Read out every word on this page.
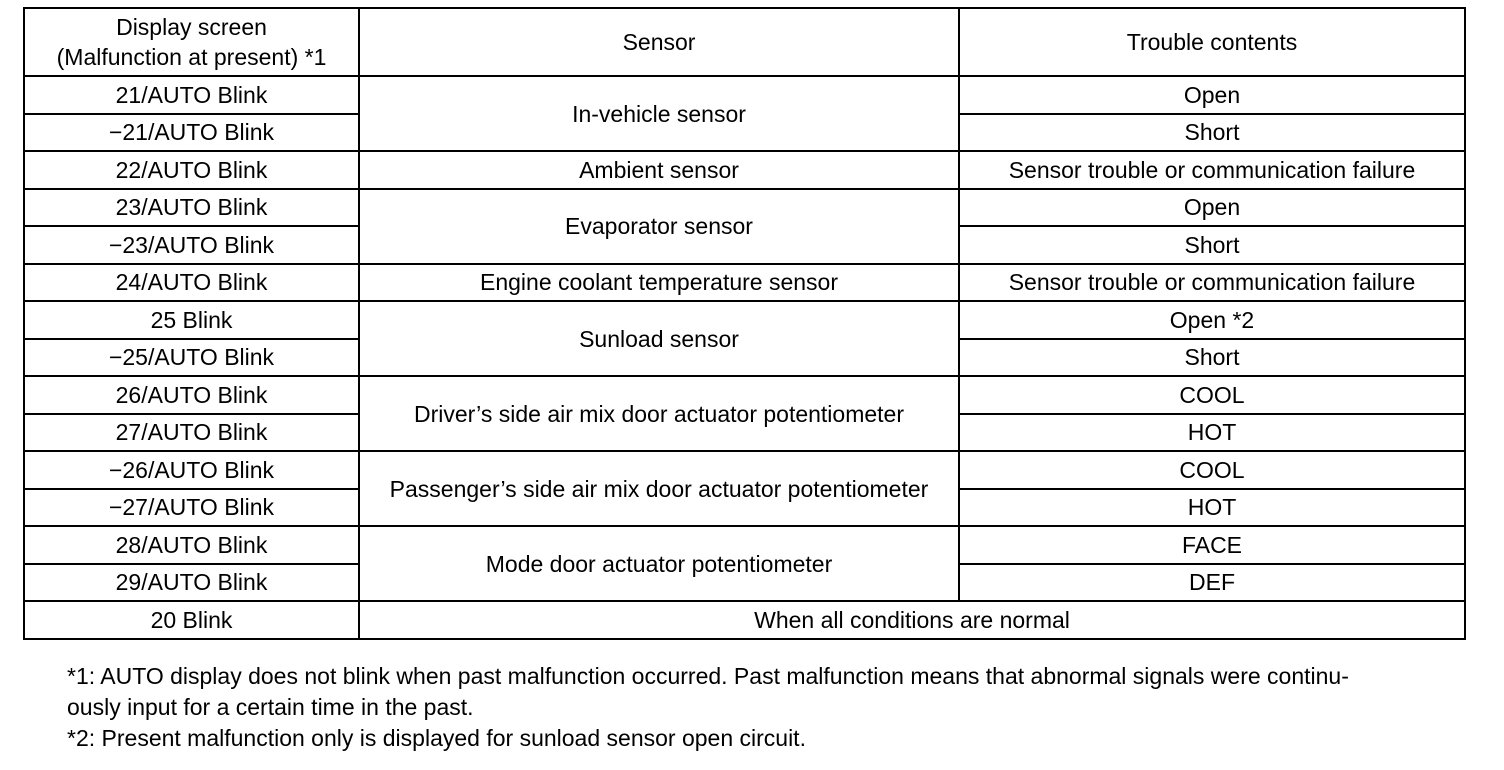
Display screen
(Malfunction at present) *1	Sensor	Trouble contents
21/AUTO Blink	In-vehicle sensor	Open
−21/AUTO Blink		Short
22/AUTO Blink	Ambient sensor	Sensor trouble or communication failure
23/AUTO Blink	Evaporator sensor	Open
−23/AUTO Blink		Short
24/AUTO Blink	Engine coolant temperature sensor	Sensor trouble or communication failure
25 Blink	Sunload sensor	Open *2
−25/AUTO Blink		Short
26/AUTO Blink	Driver’s side air mix door actuator potentiometer	COOL
27/AUTO Blink		HOT
−26/AUTO Blink	Passenger’s side air mix door actuator potentiometer	COOL
−27/AUTO Blink		HOT
28/AUTO Blink	Mode door actuator potentiometer	FACE
29/AUTO Blink		DEF
20 Blink	When all conditions are normal	

*1: AUTO display does not blink when past malfunction occurred. Past malfunction means that abnormal signals were continu-

ously input for a certain time in the past.

*2: Present malfunction only is displayed for sunload sensor open circuit.
